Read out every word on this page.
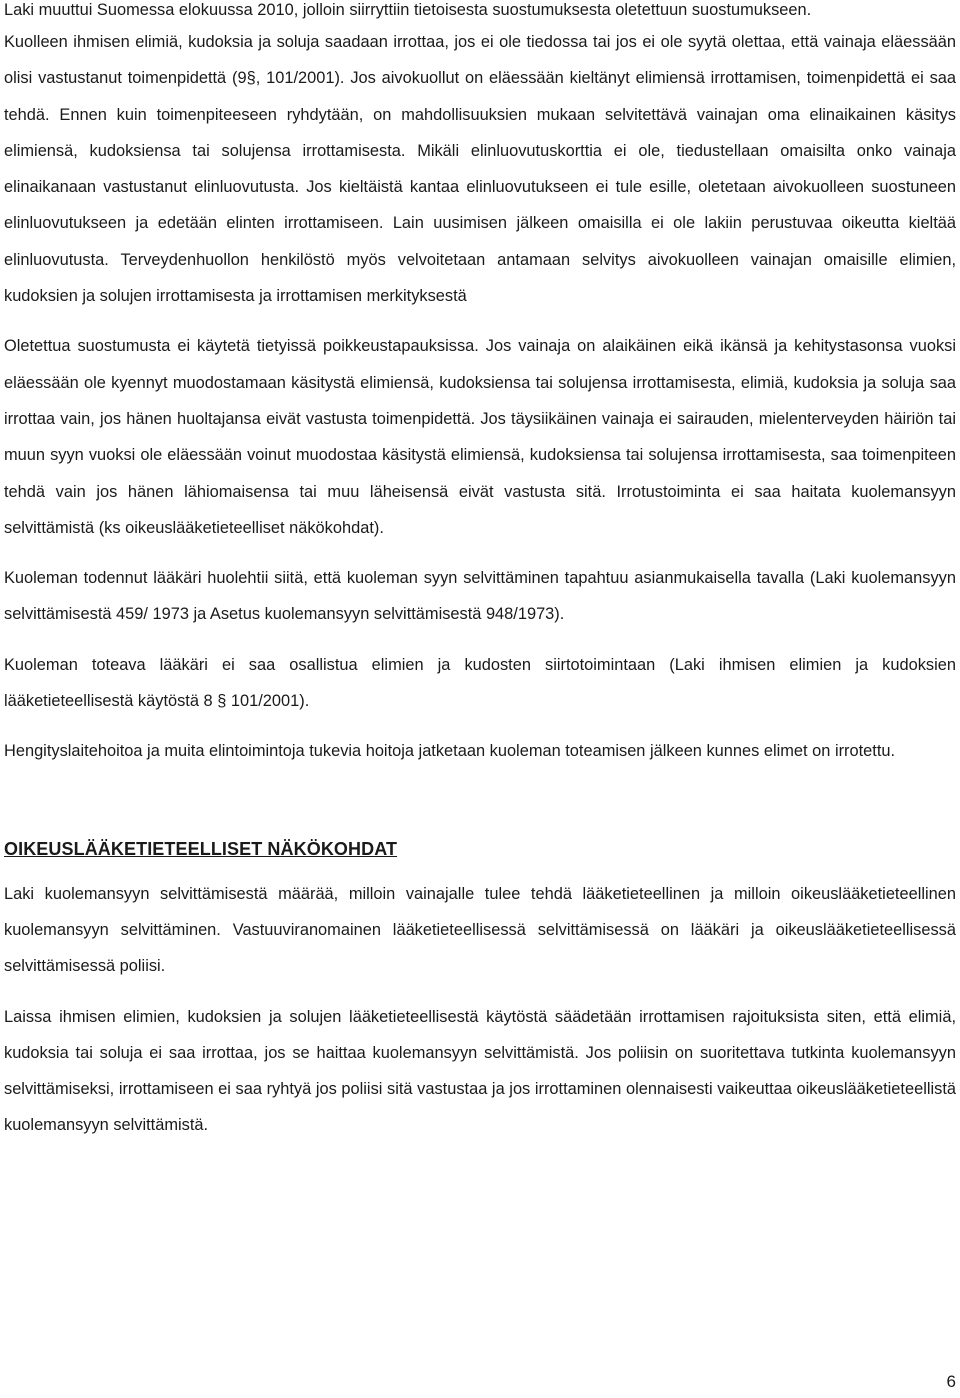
Laki muuttui Suomessa elokuussa 2010, jolloin siirryttiin tietoisesta suostumuksesta oletettuun suostumukseen.

Kuolleen ihmisen elimiä, kudoksia ja soluja saadaan irrottaa, jos ei ole tiedossa tai jos ei ole syytä olettaa, että vainaja eläessään olisi vastustanut toimenpidettä (9§, 101/2001). Jos aivokuollut on eläessään kieltänyt elimiensä irrottamisen, toimenpidettä ei saa tehdä. Ennen kuin toimenpiteeseen ryhdytään, on mahdollisuuksien mukaan selvitettävä vainajan oma elinaikainen käsitys elimiensä, kudoksiensa tai solujensa irrottamisesta. Mikäli elinluovutuskorttia ei ole, tiedustellaan omaisilta onko vainaja elinaikanaan vastustanut elinluovutusta. Jos kieltäistä kantaa elinluovutukseen ei tule esille, oletetaan aivokuolleen suostuneen elinluovutukseen ja edetään elinten irrottamiseen. Lain uusimisen jälkeen omaisilla ei ole lakiin perustuvaa oikeutta kieltää elinluovutusta. Terveydenhuollon henkilöstö myös velvoitetaan antamaan selvitys aivokuolleen vainajan omaisille elimien, kudoksien ja solujen irrottamisesta ja irrottamisen merkityksestä

Oletettua suostumusta ei käytetä tietyissä poikkeustapauksissa. Jos vainaja on alaikäinen eikä ikänsä ja kehitystasonsa vuoksi eläessään ole kyennyt muodostamaan käsitystä elimiensä, kudoksiensa tai solujensa irrottamisesta, elimiä, kudoksia ja soluja saa irrottaa vain, jos hänen huoltajansa eivät vastusta toimenpidettä. Jos täysiikäinen vainaja ei sairauden, mielenterveyden häiriön tai muun syyn vuoksi ole eläessään voinut muodostaa käsitystä elimiensä, kudoksiensa tai solujensa irrottamisesta, saa toimenpiteen tehdä vain jos hänen lähiomaisensa tai muu läheisensä eivät vastusta sitä. Irrotustoiminta ei saa haitata kuolemansyyn selvittämistä (ks oikeuslääketieteelliset näkökohdat).

Kuoleman todennut lääkäri huolehtii siitä, että kuoleman syyn selvittäminen tapahtuu asianmukaisella tavalla (Laki kuolemansyyn selvittämisestä 459/ 1973 ja Asetus kuolemansyyn selvittämisestä 948/1973).

Kuoleman toteava lääkäri ei saa osallistua elimien ja kudosten siirtotoimintaan (Laki ihmisen elimien ja kudoksien lääketieteellisestä käytöstä 8 § 101/2001).

Hengityslaitehoitoa ja muita elintoimintoja tukevia hoitoja jatketaan kuoleman toteamisen jälkeen kunnes elimet on irrotettu.

OIKEUSLÄÄKETIETEELLISET NÄKÖKOHDAT

Laki kuolemansyyn selvittämisestä määrää, milloin vainajalle tulee tehdä lääketieteellinen ja milloin oikeuslääketieteellinen kuolemansyyn selvittäminen. Vastuuviranomainen lääketieteellisessä selvittämisessä on lääkäri ja oikeuslääketieteellisessä selvittämisessä poliisi.

Laissa ihmisen elimien, kudoksien ja solujen lääketieteellisestä käytöstä säädetään irrottamisen rajoituksista siten, että elimiä, kudoksia tai soluja ei saa irrottaa, jos se haittaa kuolemansyyn selvittämistä. Jos poliisin on suoritettava tutkinta kuolemansyyn selvittämiseksi, irrottamiseen ei saa ryhtyä jos poliisi sitä vastustaa ja jos irrottaminen olennaisesti vaikeuttaa oikeuslääketieteellistä kuolemansyyn selvittämistä.

6
